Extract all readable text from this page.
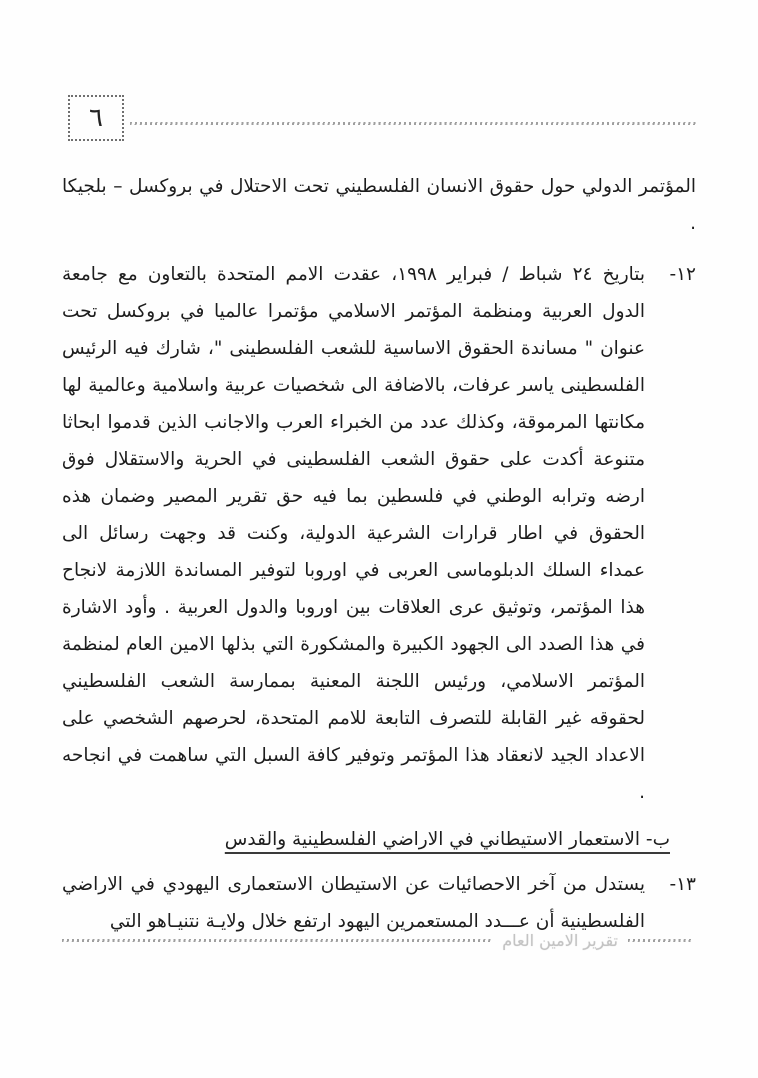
٦

المؤتمر الدولي حول حقوق الانسان الفلسطيني تحت الاحتلال في بروكسل – بلجيكا .

١٢-
بتاريخ ٢٤ شباط / فبراير ١٩٩٨، عقدت الامم المتحدة بالتعاون مع جامعة الدول العربية ومنظمة المؤتمر الاسلامي مؤتمرا عالميا في بروكسل تحت عنوان " مساندة الحقوق الاساسية للشعب الفلسطينى "، شارك فيه الرئيس الفلسطينى ياسر عرفات، بالاضافة الى شخصيات عربية واسلامية وعالمية لها مكانتها المرموقة، وكذلك عدد من الخبراء العرب والاجانب الذين قدموا ابحاثا متنوعة أكدت على حقوق الشعب الفلسطينى في الحرية والاستقلال فوق ارضه وترابه الوطني في فلسطين بما فيه حق تقرير المصير وضمان هذه الحقوق في اطار قرارات الشرعية الدولية، وكنت قد وجهت رسائل الى عمداء السلك الدبلوماسى العربى في اوروبا لتوفير المساندة اللازمة لانجاح هذا المؤتمر، وتوثيق عرى العلاقات بين اوروبا والدول العربية . وأود الاشارة في هذا الصدد الى الجهود الكبيرة والمشكورة التي بذلها الامين العام لمنظمة المؤتمر الاسلامي، ورئيس اللجنة المعنية بممارسة الشعب الفلسطيني لحقوقه غير القابلة للتصرف التابعة للامم المتحدة، لحرصهم الشخصي على الاعداد الجيد لانعقاد هذا المؤتمر وتوفير كافة السبل التي ساهمت في انجاحه .
ب- الاستعمار الاستيطاني في الاراضي الفلسطينية والقدس
١٣-
يستدل من آخر الاحصائيات عن الاستيطان الاستعمارى اليهودي في الاراضي الفلسطينية أن عـــدد المستعمرين اليهود ارتفع خلال ولايـة نتنيـاهو التي
تقرير الامين العام
